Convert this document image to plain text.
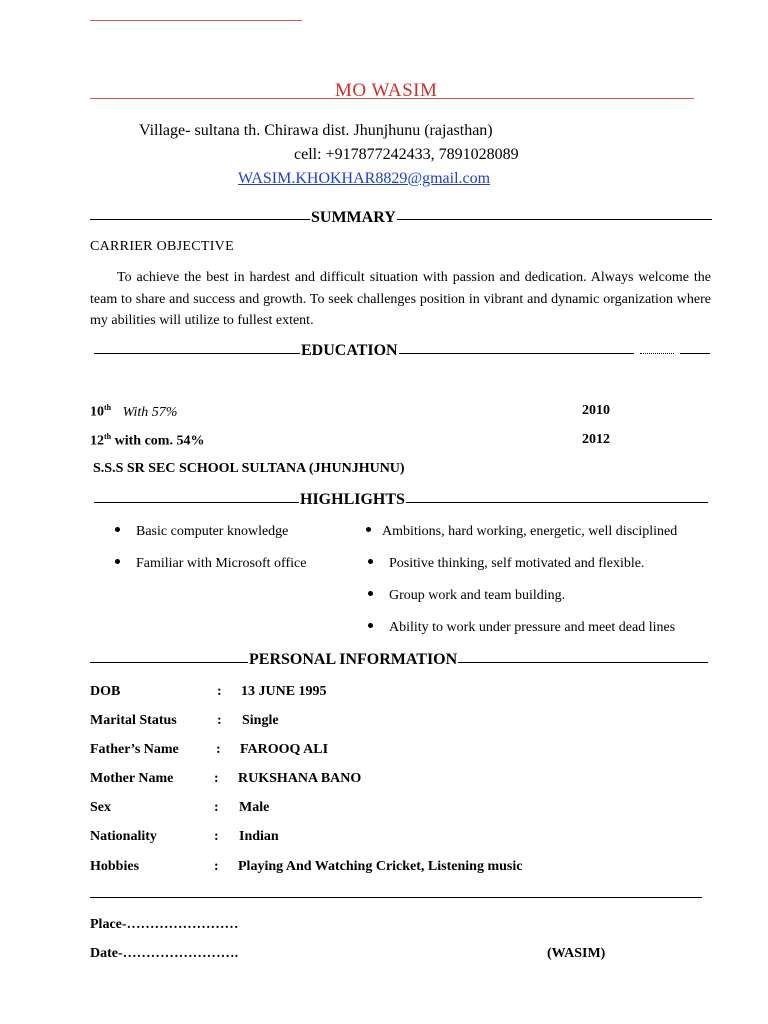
MO WASIM
Village- sultana th. Chirawa dist. Jhunjhunu (rajasthan)
cell: +917877242433, 7891028089
WASIM.KHOKHAR8829@gmail.com
SUMMARY
CARRIER OBJECTIVE
To achieve the best in hardest and difficult situation with passion and dedication. Always welcome the team to share and success and growth. To seek challenges position in vibrant and dynamic organization where my abilities will utilize to fullest extent.
EDUCATION
10th With 57%	2010
12th with com. 54%	2012
S.S.S SR SEC SCHOOL SULTANA (JHUNJHUNU)
HIGHLIGHTS
Basic computer knowledge
Familiar with Microsoft office
Ambitions, hard working, energetic, well disciplined
Positive thinking, self motivated and flexible.
Group work and team building.
Ability to work under pressure and meet dead lines
PERSONAL INFORMATION
DOB	: 13 JUNE 1995
Marital Status	: Single
Father’s Name	: FAROOQ ALI
Mother Name	: RUKSHANA BANO
Sex	: Male
Nationality	: Indian
Hobbies	: Playing And Watching Cricket, Listening music
Place-……………………
Date-…………………….	(WASIM)
